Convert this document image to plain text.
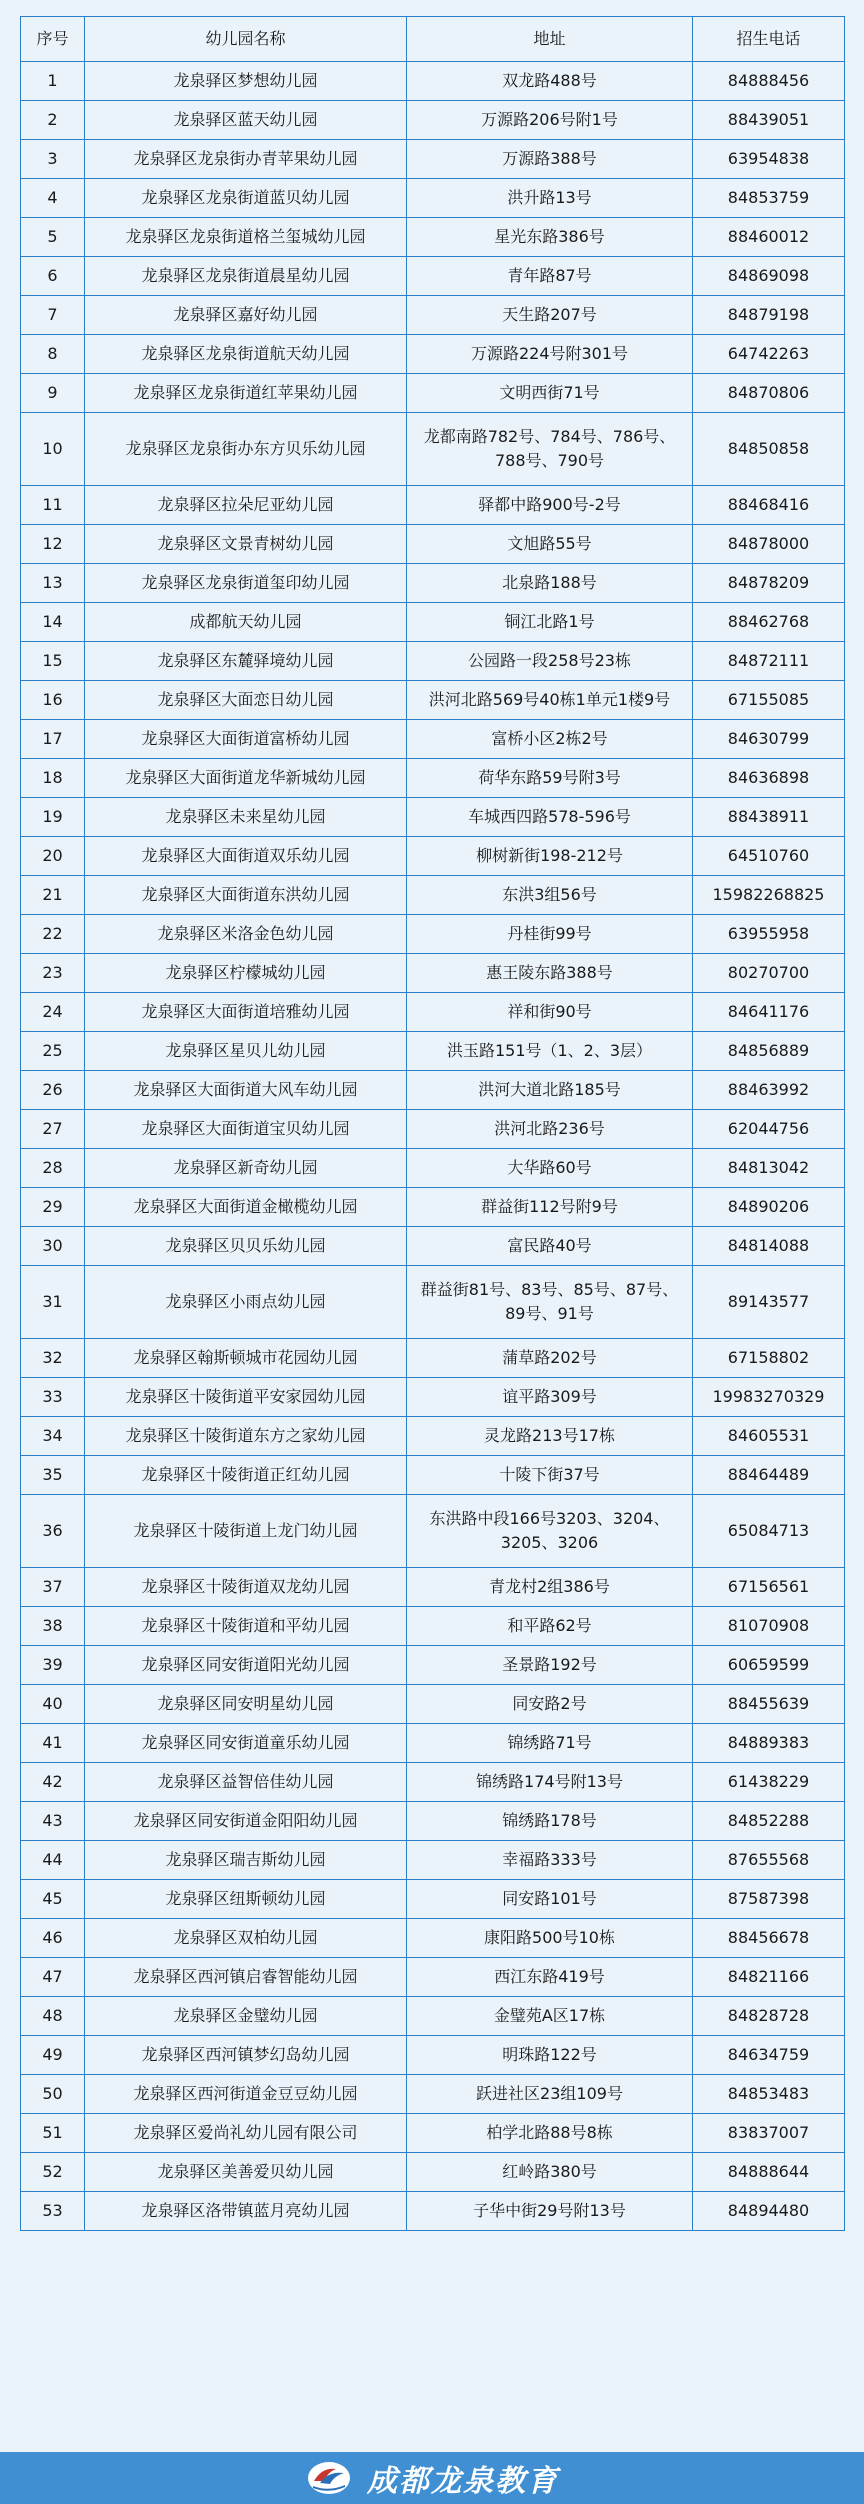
序号	幼儿园名称	地址	招生电话
1	龙泉驿区梦想幼儿园	双龙路488号	84888456
2	龙泉驿区蓝天幼儿园	万源路206号附1号	88439051
3	龙泉驿区龙泉街办青苹果幼儿园	万源路388号	63954838
4	龙泉驿区龙泉街道蓝贝幼儿园	洪升路13号	84853759
5	龙泉驿区龙泉街道格兰玺城幼儿园	星光东路386号	88460012
6	龙泉驿区龙泉街道晨星幼儿园	青年路87号	84869098
7	龙泉驿区嘉好幼儿园	天生路207号	84879198
8	龙泉驿区龙泉街道航天幼儿园	万源路224号附301号	64742263
9	龙泉驿区龙泉街道红苹果幼儿园	文明西街71号	84870806
10	龙泉驿区龙泉街办东方贝乐幼儿园	龙都南路782号、784号、786号、788号、790号	84850858
11	龙泉驿区拉朵尼亚幼儿园	驿都中路900号-2号	88468416
12	龙泉驿区文景青树幼儿园	文旭路55号	84878000
13	龙泉驿区龙泉街道玺印幼儿园	北泉路188号	84878209
14	成都航天幼儿园	铜江北路1号	88462768
15	龙泉驿区东麓驿境幼儿园	公园路一段258号23栋	84872111
16	龙泉驿区大面恋日幼儿园	洪河北路569号40栋1单元1楼9号	67155085
17	龙泉驿区大面街道富桥幼儿园	富桥小区2栋2号	84630799
18	龙泉驿区大面街道龙华新城幼儿园	荷华东路59号附3号	84636898
19	龙泉驿区未来星幼儿园	车城西四路578-596号	88438911
20	龙泉驿区大面街道双乐幼儿园	柳树新街198-212号	64510760
21	龙泉驿区大面街道东洪幼儿园	东洪3组56号	15982268825
22	龙泉驿区米洛金色幼儿园	丹桂街99号	63955958
23	龙泉驿区柠檬城幼儿园	惠王陵东路388号	80270700
24	龙泉驿区大面街道培雅幼儿园	祥和街90号	84641176
25	龙泉驿区星贝儿幼儿园	洪玉路151号（1、2、3层）	84856889
26	龙泉驿区大面街道大风车幼儿园	洪河大道北路185号	88463992
27	龙泉驿区大面街道宝贝幼儿园	洪河北路236号	62044756
28	龙泉驿区新奇幼儿园	大华路60号	84813042
29	龙泉驿区大面街道金橄榄幼儿园	群益街112号附9号	84890206
30	龙泉驿区贝贝乐幼儿园	富民路40号	84814088
31	龙泉驿区小雨点幼儿园	群益街81号、83号、85号、87号、89号、91号	89143577
32	龙泉驿区翰斯顿城市花园幼儿园	蒲草路202号	67158802
33	龙泉驿区十陵街道平安家园幼儿园	谊平路309号	19983270329
34	龙泉驿区十陵街道东方之家幼儿园	灵龙路213号17栋	84605531
35	龙泉驿区十陵街道正红幼儿园	十陵下街37号	88464489
36	龙泉驿区十陵街道上龙门幼儿园	东洪路中段166号3203、3204、3205、3206	65084713
37	龙泉驿区十陵街道双龙幼儿园	青龙村2组386号	67156561
38	龙泉驿区十陵街道和平幼儿园	和平路62号	81070908
39	龙泉驿区同安街道阳光幼儿园	圣景路192号	60659599
40	龙泉驿区同安明星幼儿园	同安路2号	88455639
41	龙泉驿区同安街道童乐幼儿园	锦绣路71号	84889383
42	龙泉驿区益智倍佳幼儿园	锦绣路174号附13号	61438229
43	龙泉驿区同安街道金阳阳幼儿园	锦绣路178号	84852288
44	龙泉驿区瑞吉斯幼儿园	幸福路333号	87655568
45	龙泉驿区纽斯顿幼儿园	同安路101号	87587398
46	龙泉驿区双柏幼儿园	康阳路500号10栋	88456678
47	龙泉驿区西河镇启睿智能幼儿园	西江东路419号	84821166
48	龙泉驿区金璧幼儿园	金璧苑A区17栋	84828728
49	龙泉驿区西河镇梦幻岛幼儿园	明珠路122号	84634759
50	龙泉驿区西河街道金豆豆幼儿园	跃进社区23组109号	84853483
51	龙泉驿区爱尚礼幼儿园有限公司	柏学北路88号8栋	83837007
52	龙泉驿区美善爱贝幼儿园	红岭路380号	84888644
53	龙泉驿区洛带镇蓝月亮幼儿园	子华中街29号附13号	84894480
成都龙泉教育
